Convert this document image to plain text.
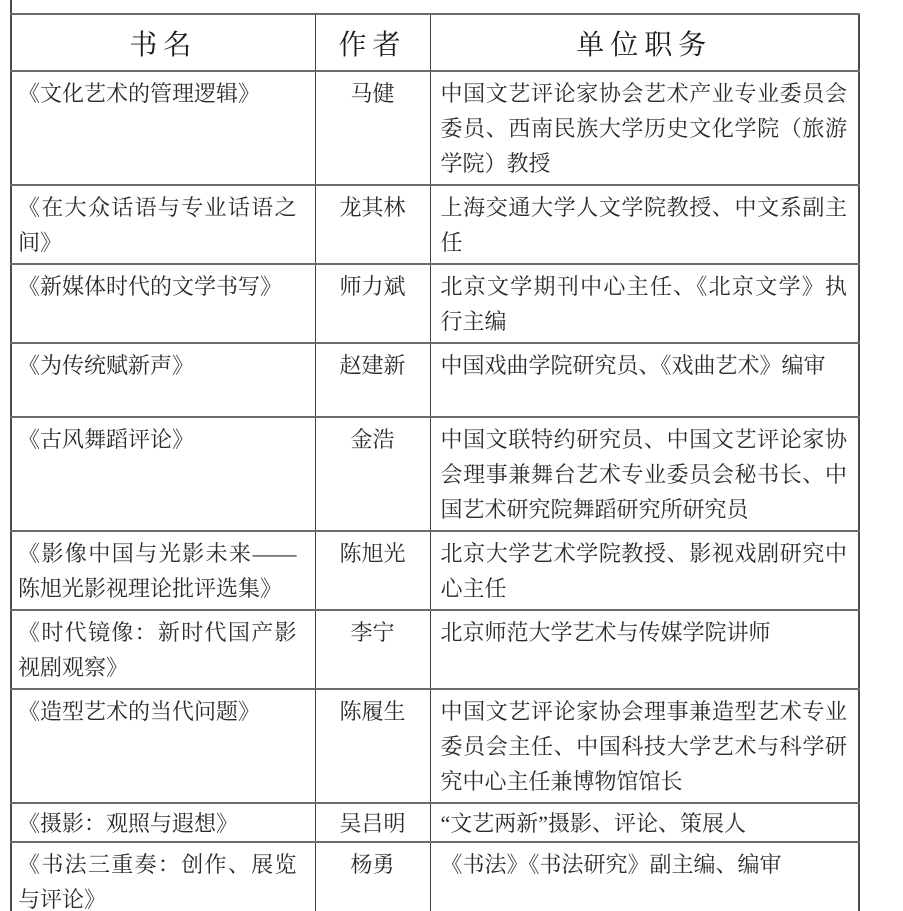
书名	作者	单位职务
《文化艺术的管理逻辑》	马健	中国文艺评论家协会艺术产业专业委员会委员、西南民族大学历史文化学院（旅游学院）教授
《在大众话语与专业话语之间》	龙其林	上海交通大学人文学院教授、中文系副主任
《新媒体时代的文学书写》	师力斌	北京文学期刊中心主任、《北京文学》执行主编
《为传统赋新声》	赵建新	中国戏曲学院研究员、《戏曲艺术》编审
《古风舞蹈评论》	金浩	中国文联特约研究员、中国文艺评论家协会理事兼舞台艺术专业委员会秘书长、中国艺术研究院舞蹈研究所研究员
《影像中国与光影未来——陈旭光影视理论批评选集》	陈旭光	北京大学艺术学院教授、影视戏剧研究中心主任
《时代镜像：新时代国产影视剧观察》	李宁	北京师范大学艺术与传媒学院讲师
《造型艺术的当代问题》	陈履生	中国文艺评论家协会理事兼造型艺术专业委员会主任、中国科技大学艺术与科学研究中心主任兼博物馆馆长
《摄影：观照与遐想》	吴吕明	“文艺两新”摄影、评论、策展人
《书法三重奏：创作、展览与评论》	杨勇	《书法》《书法研究》副主编、编审
